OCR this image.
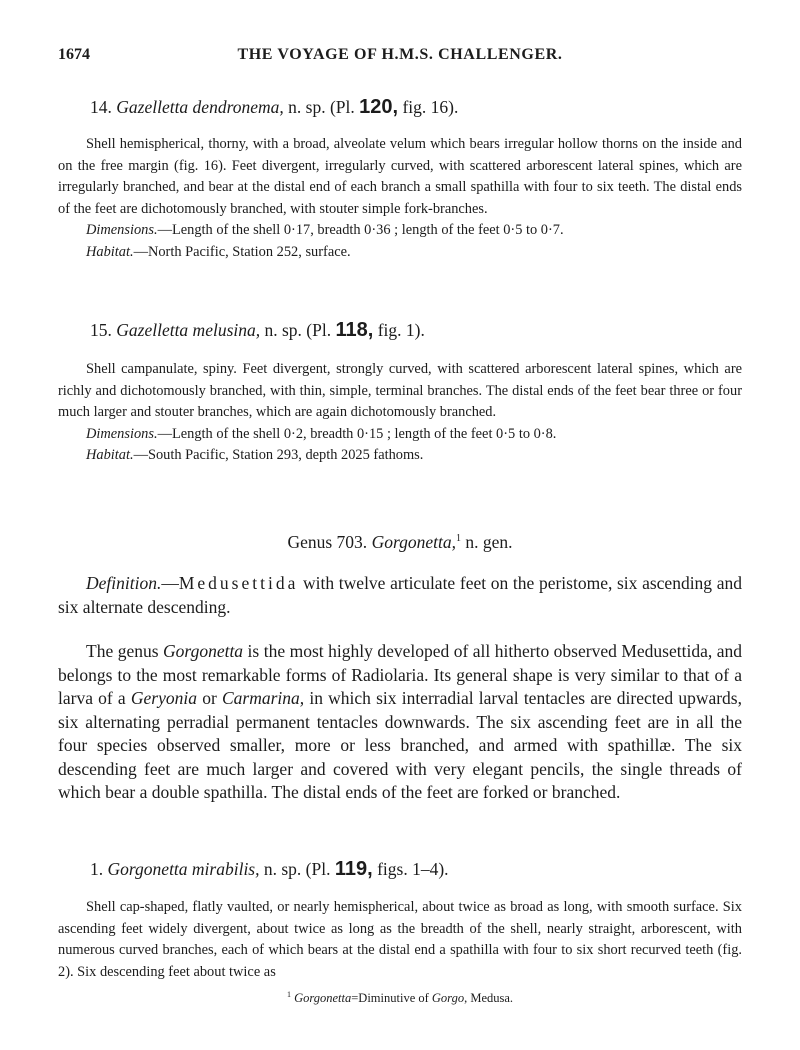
1674	THE VOYAGE OF H.M.S. CHALLENGER.
14. Gazelletta dendronema, n. sp. (Pl. 120, fig. 16).

Shell hemispherical, thorny, with a broad, alveolate velum which bears irregular hollow thorns on the inside and on the free margin (fig. 16). Feet divergent, irregularly curved, with scattered arborescent lateral spines, which are irregularly branched, and bear at the distal end of each branch a small spathilla with four to six teeth. The distal ends of the feet are dichotomously branched, with stouter simple fork-branches.

Dimensions.—Length of the shell 0·17, breadth 0·36 ; length of the feet 0·5 to 0·7.

Habitat.—North Pacific, Station 252, surface.

15. Gazelletta melusina, n. sp. (Pl. 118, fig. 1).

Shell campanulate, spiny. Feet divergent, strongly curved, with scattered arborescent lateral spines, which are richly and dichotomously branched, with thin, simple, terminal branches. The distal ends of the feet bear three or four much larger and stouter branches, which are again dichotomously branched.

Dimensions.—Length of the shell 0·2, breadth 0·15 ; length of the feet 0·5 to 0·8.

Habitat.—South Pacific, Station 293, depth 2025 fathoms.

Genus 703. Gorgonetta,$^1$ n. gen.

Definition.—Medusettida with twelve articulate feet on the peristome, six ascending and six alternate descending.

The genus Gorgonetta is the most highly developed of all hitherto observed Medusettida, and belongs to the most remarkable forms of Radiolaria. Its general shape is very similar to that of a larva of a Geryonia or Carmarina, in which six interradial larval tentacles are directed upwards, six alternating perradial permanent tentacles downwards. The six ascending feet are in all the four species observed smaller, more or less branched, and armed with spathillæ. The six descending feet are much larger and covered with very elegant pencils, the single threads of which bear a double spathilla. The distal ends of the feet are forked or branched.

1. Gorgonetta mirabilis, n. sp. (Pl. 119, figs. 1–4).

Shell cap-shaped, flatly vaulted, or nearly hemispherical, about twice as broad as long, with smooth surface. Six ascending feet widely divergent, about twice as long as the breadth of the shell, nearly straight, arborescent, with numerous curved branches, each of which bears at the distal end a spathilla with four to six short recurved teeth (fig. 2). Six descending feet about twice as

$^1$ Gorgonetta=Diminutive of Gorgo, Medusa.
